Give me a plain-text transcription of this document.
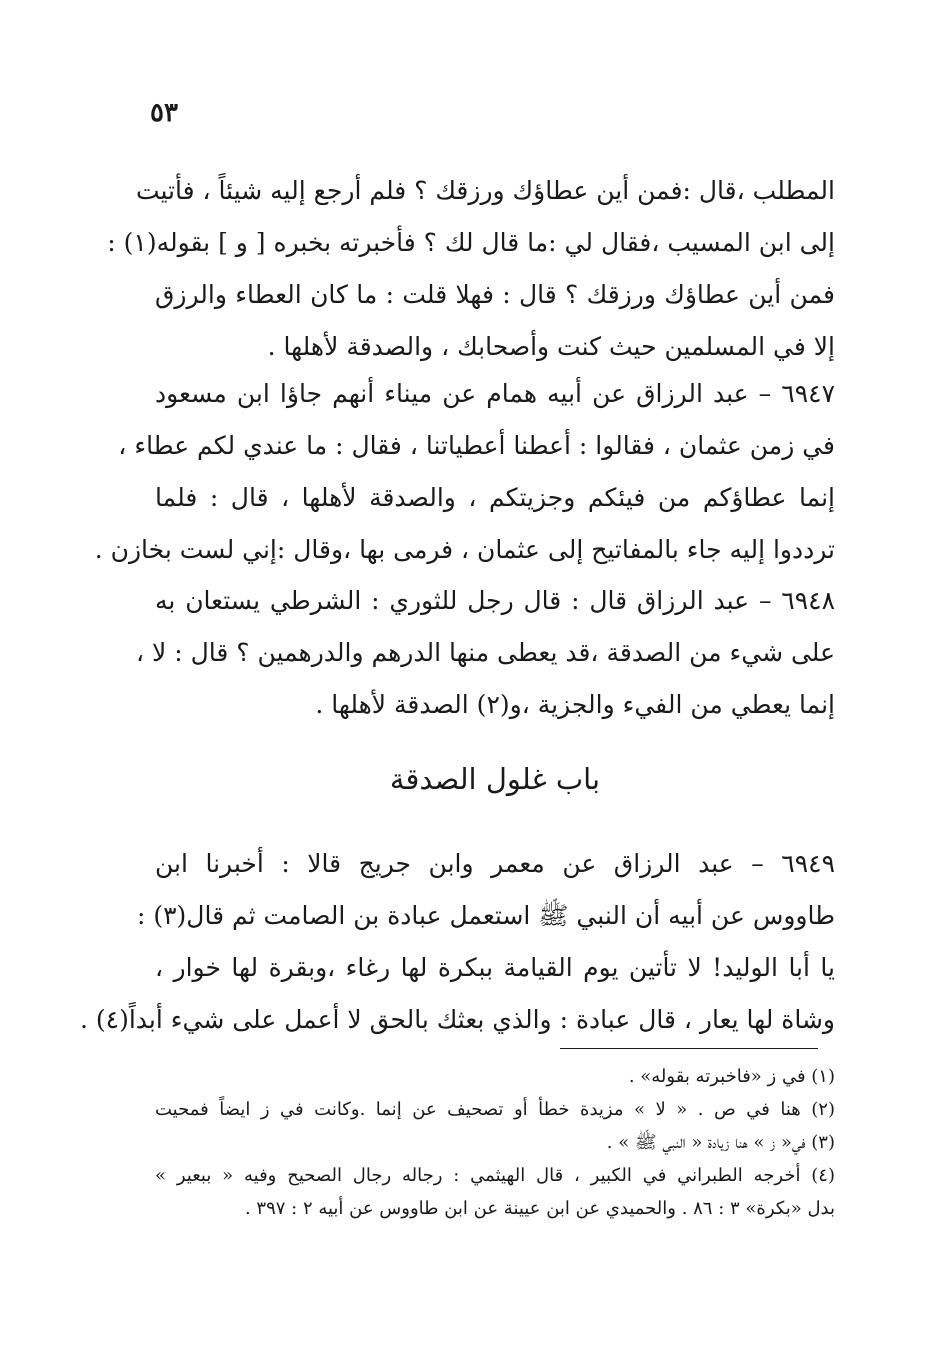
٥٣
المطلب ،قال :فمن أين عطاؤك ورزقك ؟ فلم أرجع إليه شيئاً ، فأتيت
إلى ابن المسيب ،فقال لي :ما قال لك ؟ فأخبرته بخبره [ و ] بقوله(١) :
فمن أين عطاؤك ورزقك ؟ قال : فهلا قلت : ما كان العطاء والرزق
إلا في المسلمين حيث كنت وأصحابك ، والصدقة لأهلها .
٦٩٤٧ – عبد الرزاق عن أبيه همام عن ميناء أنهم جاؤا ابن مسعود
في زمن عثمان ، فقالوا : أعطنا أعطياتنا ، فقال : ما عندي لكم عطاء ،
إنما عطاؤكم من فيئكم وجزيتكم ، والصدقة لأهلها ، قال : فلما
ترددوا إليه جاء بالمفاتيح إلى عثمان ، فرمى بها ،وقال :إني لست بخازن .
٦٩٤٨ – عبد الرزاق قال : قال رجل للثوري : الشرطي يستعان به
على شيء من الصدقة ،قد يعطى منها الدرهم والدرهمين ؟ قال : لا ،
إنما يعطي من الفيء والجزية ،و(٢) الصدقة لأهلها .
باب غلول الصدقة
٦٩٤٩ – عبد الرزاق عن معمر وابن جريج قالا : أخبرنا ابن
طاووس عن أبيه أن النبي ﷺ استعمل عبادة بن الصامت ثم قال(٣) :
يا أبا الوليد! لا تأتين يوم القيامة ببكرة لها رغاء ،وبقرة لها خوار ،
وشاة لها يعار ، قال عبادة : والذي بعثك بالحق لا أعمل على شيء أبداً(٤) .
(١) في ز «فاخبرته بقوله» .
(٢) هنا في ص . « لا » مزيدة خطأ أو تصحيف عن إنما .وكانت في ز ايضاً فمحيت
(٣) في« ز » هنا زيادة « النبي ﷺ » .
(٤) أخرجه الطبراني في الكبير ، قال الهيثمي : رجاله رجال الصحيح وفيه « ببعير »
بدل «بكرة» ٣ : ٨٦ . والحميدي عن ابن عيينة عن ابن طاووس عن أبيه ٢ : ٣٩٧ .
